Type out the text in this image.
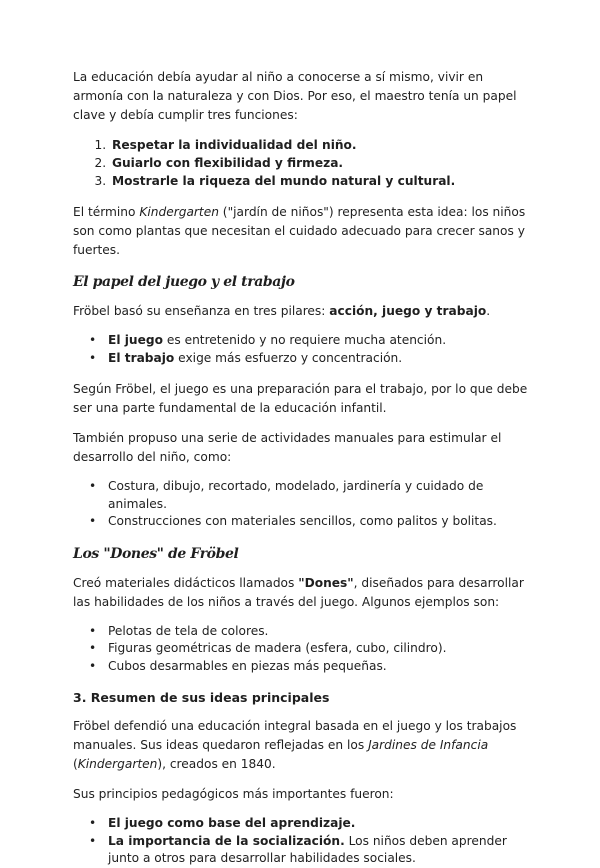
La educación debía ayudar al niño a conocerse a sí mismo, vivir en armonía con la naturaleza y con Dios. Por eso, el maestro tenía un papel clave y debía cumplir tres funciones:

1. Respetar la individualidad del niño.
2. Guiarlo con flexibilidad y firmeza.
3. Mostrarle la riqueza del mundo natural y cultural.

El término Kindergarten ("jardín de niños") representa esta idea: los niños son como plantas que necesitan el cuidado adecuado para crecer sanos y fuertes.

El papel del juego y el trabajo

Fröbel basó su enseñanza en tres pilares: acción, juego y trabajo.

• El juego es entretenido y no requiere mucha atención.
• El trabajo exige más esfuerzo y concentración.

Según Fröbel, el juego es una preparación para el trabajo, por lo que debe ser una parte fundamental de la educación infantil.

También propuso una serie de actividades manuales para estimular el desarrollo del niño, como:

• Costura, dibujo, recortado, modelado, jardinería y cuidado de animales.
• Construcciones con materiales sencillos, como palitos y bolitas.
Los "Dones" de Fröbel

Creó materiales didácticos llamados "Dones", diseñados para desarrollar las habilidades de los niños a través del juego. Algunos ejemplos son:

• Pelotas de tela de colores.
• Figuras geométricas de madera (esfera, cubo, cilindro).
• Cubos desarmables en piezas más pequeñas.
3. Resumen de sus ideas principales

Fröbel defendió una educación integral basada en el juego y los trabajos manuales. Sus ideas quedaron reflejadas en los Jardines de Infancia (Kindergarten), creados en 1840.

Sus principios pedagógicos más importantes fueron:

• El juego como base del aprendizaje.
• La importancia de la socialización. Los niños deben aprender junto a otros para desarrollar habilidades sociales.
